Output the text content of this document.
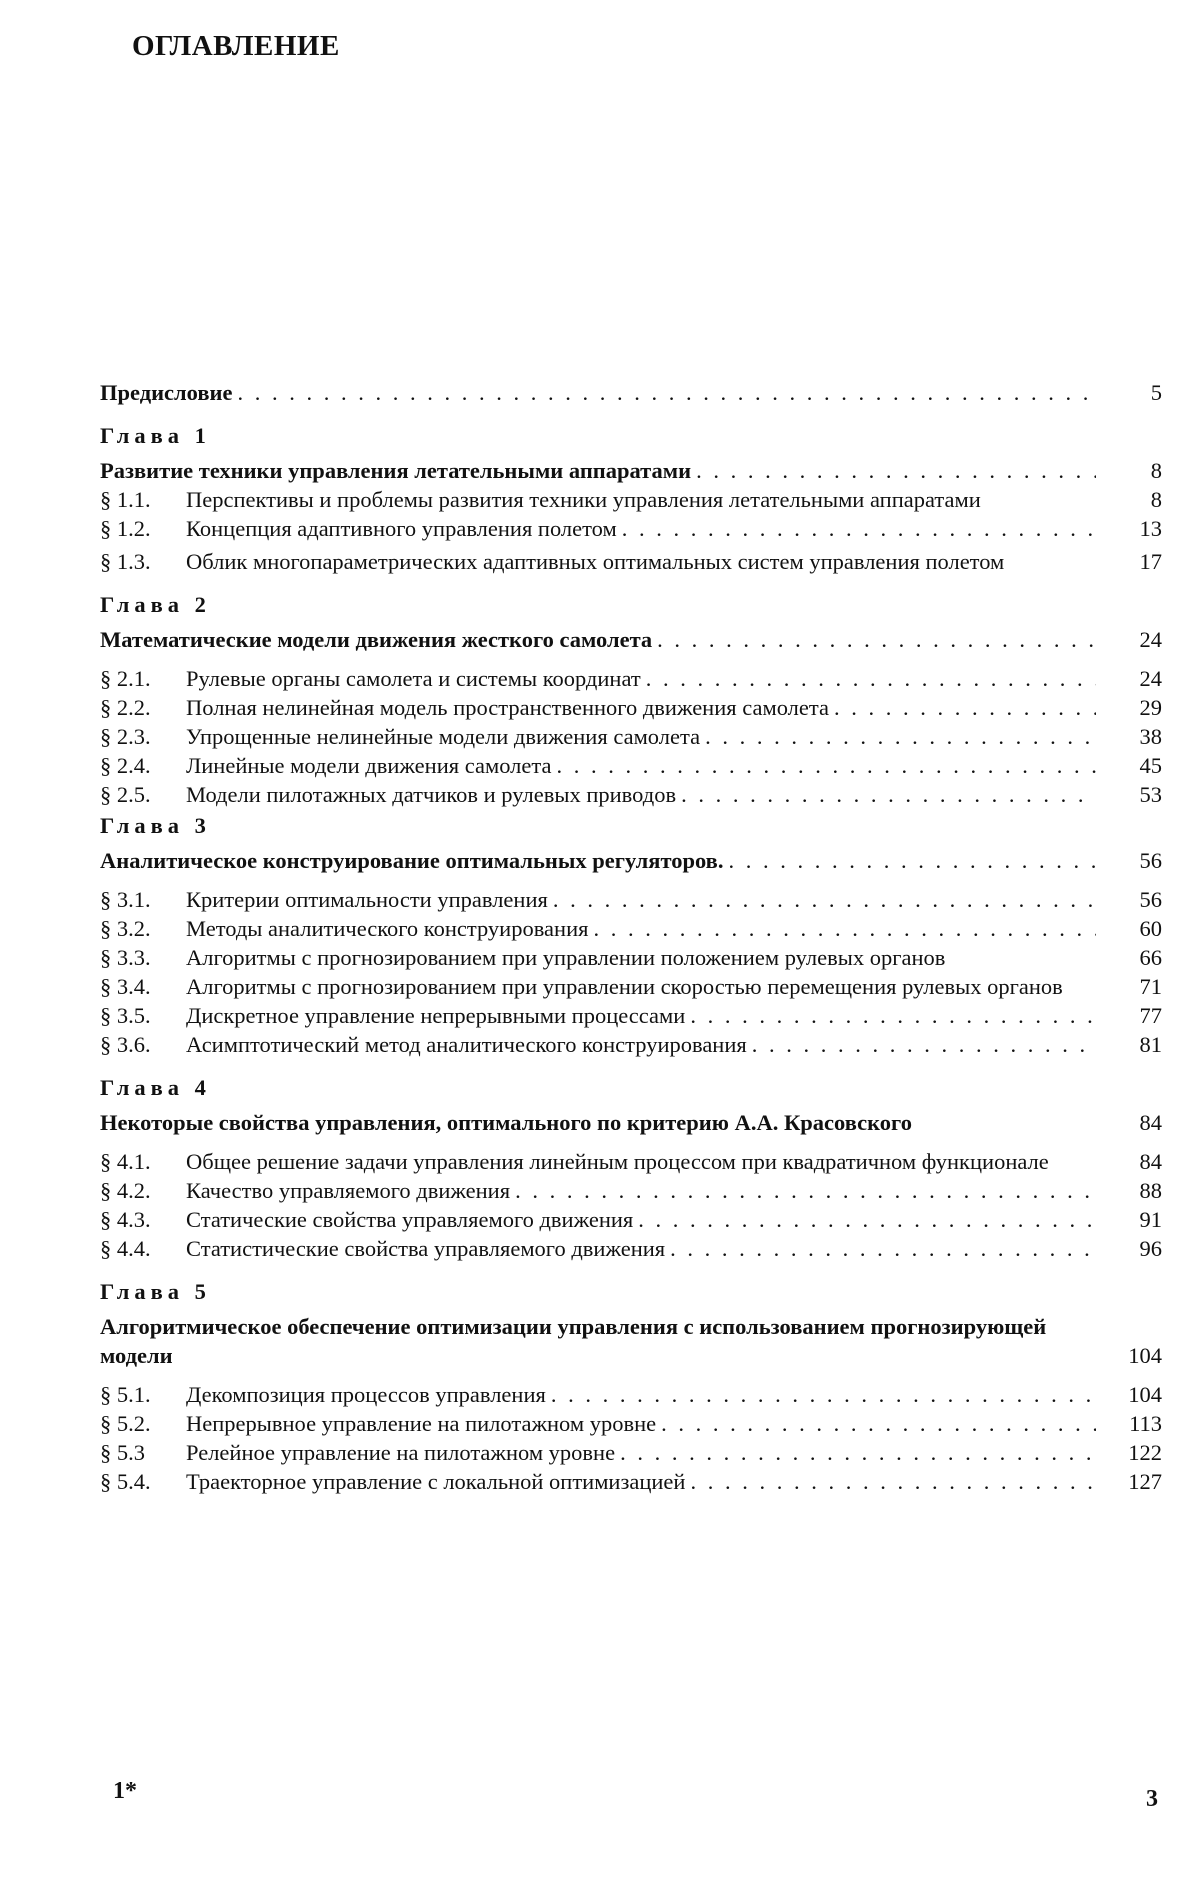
ОГЛАВЛЕНИЕ
Предисловие . . .	5
Глава 1
Развитие техники управления летательными аппаратами . . .	8
§ 1.1.	Перспективы и проблемы развития техники управления летательными аппаратами	8
§ 1.2.	Концепция адаптивного управления полетом . . .	13
§ 1.3.	Облик многопараметрических адаптивных оптимальных систем управления полетом	17
Глава 2
Математические модели движения жесткого самолета . . .	24
§ 2.1.	Рулевые органы самолета и системы координат . . .	24
§ 2.2.	Полная нелинейная модель пространственного движения самолета . . .	29
§ 2.3.	Упрощенные нелинейные модели движения самолета . . .	38
§ 2.4.	Линейные модели движения самолета . . .	45
§ 2.5.	Модели пилотажных датчиков и рулевых приводов . . .	53
Глава 3
Аналитическое конструирование оптимальных регуляторов. . . .	56
§ 3.1.	Критерии оптимальности управления . . .	56
§ 3.2.	Методы аналитического конструирования . . .	60
§ 3.3.	Алгоритмы с прогнозированием при управлении положением рулевых органов	66
§ 3.4.	Алгоритмы с прогнозированием при управлении скоростью перемещения рулевых органов	71
§ 3.5.	Дискретное управление непрерывными процессами . . .	77
§ 3.6.	Асимптотический метод аналитического конструирования . . .	81
Глава 4
Некоторые свойства управления, оптимального по критерию А.А. Красовского	84
§ 4.1.	Общее решение задачи управления линейным процессом при квадратичном функционале	84
§ 4.2.	Качество управляемого движения . . .	88
§ 4.3.	Статические свойства управляемого движения . . .	91
§ 4.4.	Статистические свойства управляемого движения . . .	96
Глава 5
Алгоритмическое обеспечение оптимизации управления с использованием прогнозирующей модели	104
§ 5.1.	Декомпозиция процессов управления . . .	104
§ 5.2.	Непрерывное управление на пилотажном уровне . . .	113
§ 5.3	Релейное управление на пилотажном уровне . . .	122
§ 5.4.	Траекторное управление с локальной оптимизацией . . .	127
1*	3
